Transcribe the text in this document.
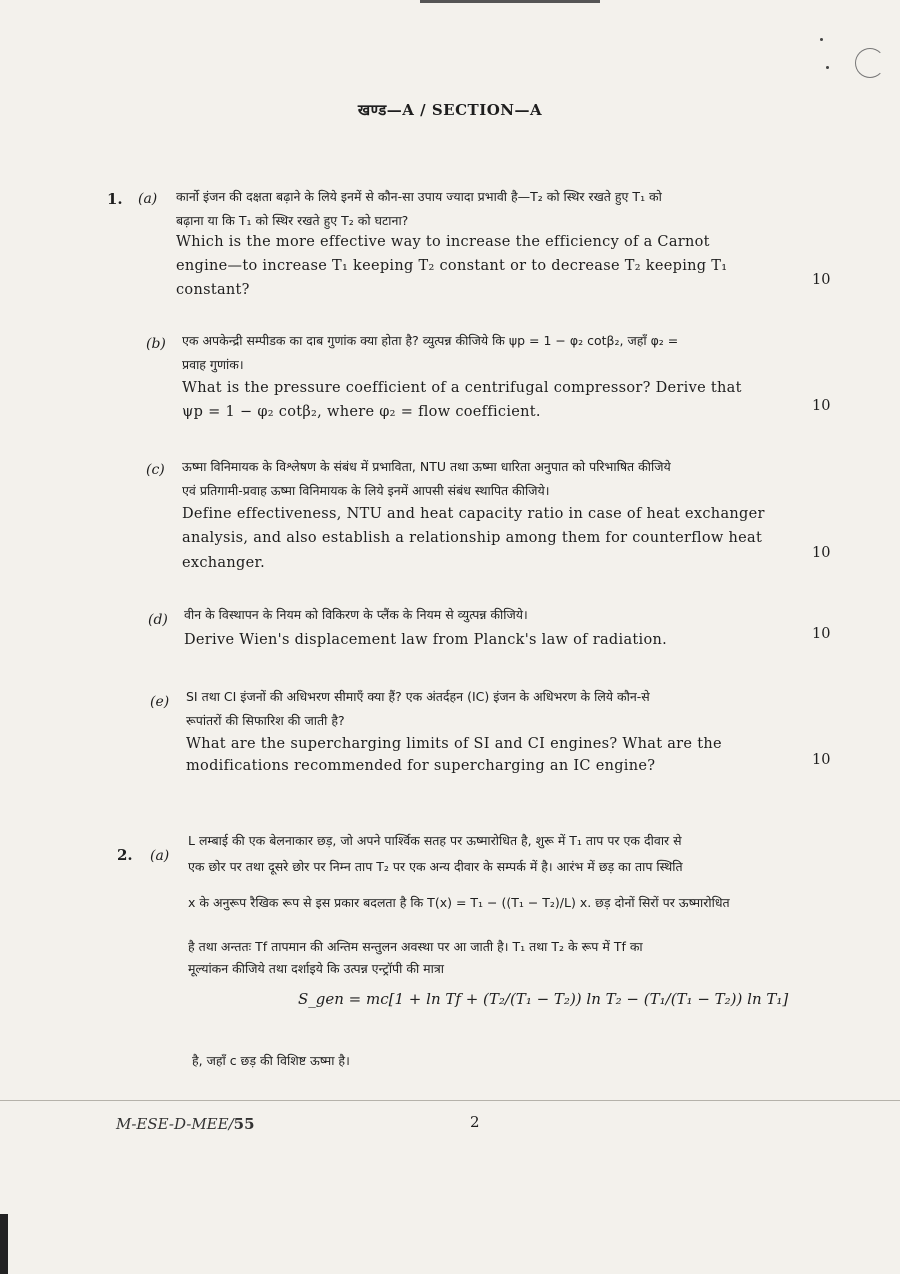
खण्ड—A / SECTION—A
1. (a) कार्नो इंजन की दक्षता बढ़ाने के लिये इनमें से कौन-सा उपाय ज्यादा प्रभावी है—T₂ को स्थिर रखते हुए T₁ को
बढ़ाना या कि T₁ को स्थिर रखते हुए T₂ को घटाना?
Which is the more effective way to increase the efficiency of a Carnot
engine—to increase T₁ keeping T₂ constant or to decrease T₂ keeping T₁
constant?
10
(b) एक अपकेन्द्री सम्पीडक का दाब गुणांक क्या होता है? व्युत्पन्न कीजिये कि ψp = 1 − φ₂ cotβ₂, जहाँ φ₂ =
प्रवाह गुणांक।
What is the pressure coefficient of a centrifugal compressor? Derive that
ψp = 1 − φ₂ cotβ₂, where φ₂ = flow coefficient.	10
(c) ऊष्मा विनिमायक के विश्लेषण के संबंध में प्रभाविता, NTU तथा ऊष्मा धारिता अनुपात को परिभाषित कीजिये
एवं प्रतिगामी-प्रवाह ऊष्मा विनिमायक के लिये इनमें आपसी संबंध स्थापित कीजिये।
Define effectiveness, NTU and heat capacity ratio in case of heat exchanger
analysis, and also establish a relationship among them for counterflow heat
exchanger.
10
(d) वीन के विस्थापन के नियम को विकिरण के प्लैंक के नियम से व्युत्पन्न कीजिये।
Derive Wien's displacement law from Planck's law of radiation.	10
(e) SI तथा CI इंजनों की अधिभरण सीमाएँ क्या हैं? एक अंतर्दहन (IC) इंजन के अधिभरण के लिये कौन-से
रूपांतरों की सिफारिश की जाती है?
What are the supercharging limits of SI and CI engines? What are the
modifications recommended for supercharging an IC engine?	10
2. (a)
L लम्बाई की एक बेलनाकार छड़, जो अपने पार्श्विक सतह पर ऊष्मारोधित है, शुरू में T₁ ताप पर एक दीवार से
एक छोर पर तथा दूसरे छोर पर निम्न ताप T₂ पर एक अन्य दीवार के सम्पर्क में है। आरंभ में छड़ का ताप स्थिति
x के अनुरूप रैखिक रूप से इस प्रकार बदलता है कि T(x) = T₁ − ((T₁ − T₂)/L) x. छड़ दोनों सिरों पर ऊष्मारोधित
है तथा अन्ततः Tf तापमान की अन्तिम सन्तुलन अवस्था पर आ जाती है। T₁ तथा T₂ के रूप में Tf का
मूल्यांकन कीजिये तथा दर्शाइये कि उत्पन्न एन्ट्रॉपी की मात्रा
S_gen = mc[1 + ln Tf + (T₂/(T₁ − T₂)) ln T₂ − (T₁/(T₁ − T₂)) ln T₁]
है, जहाँ c छड़ की विशिष्ट ऊष्मा है।
M-ESE-D-MEE/55	2
